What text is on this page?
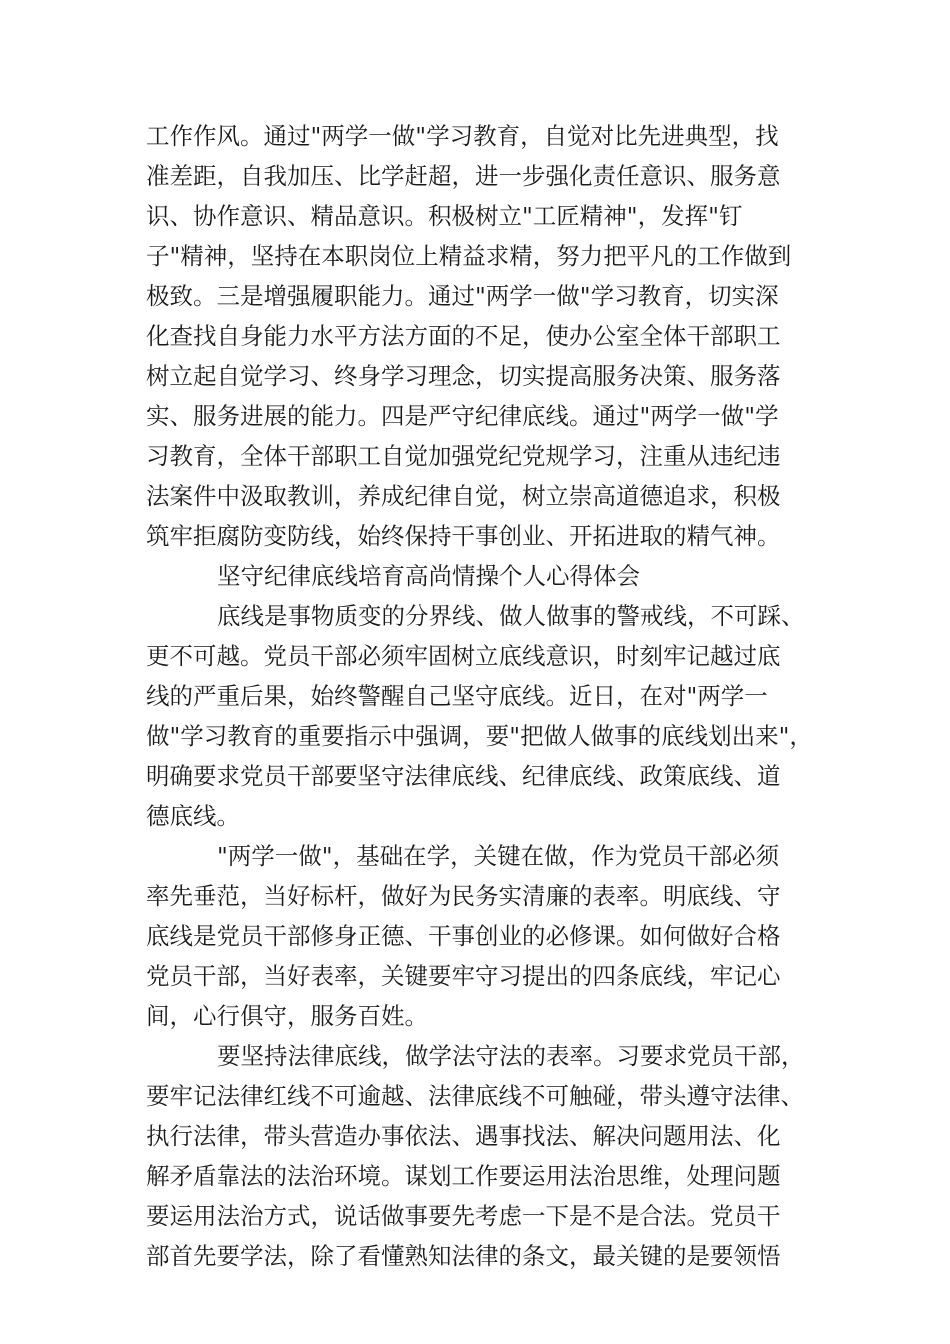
工作作风。通过"两学一做"学习教育，自觉对比先进典型，找
准差距，自我加压、比学赶超，进一步强化责任意识、服务意
识、协作意识、精品意识。积极树立"工匠精神"，发挥"钉
子"精神，坚持在本职岗位上精益求精，努力把平凡的工作做到
极致。三是增强履职能力。通过"两学一做"学习教育，切实深
化查找自身能力水平方法方面的不足，使办公室全体干部职工
树立起自觉学习、终身学习理念，切实提高服务决策、服务落
实、服务进展的能力。四是严守纪律底线。通过"两学一做"学
习教育，全体干部职工自觉加强党纪党规学习，注重从违纪违
法案件中汲取教训，养成纪律自觉，树立崇高道德追求，积极
筑牢拒腐防变防线，始终保持干事创业、开拓进取的精气神。
坚守纪律底线培育高尚情操个人心得体会
底线是事物质变的分界线、做人做事的警戒线，不可踩、
更不可越。党员干部必须牢固树立底线意识，时刻牢记越过底
线的严重后果，始终警醒自己坚守底线。近日，在对"两学一
做"学习教育的重要指示中强调，要"把做人做事的底线划出来"，
明确要求党员干部要坚守法律底线、纪律底线、政策底线、道
德底线。
"两学一做"，基础在学，关键在做，作为党员干部必须
率先垂范，当好标杆，做好为民务实清廉的表率。明底线、守
底线是党员干部修身正德、干事创业的必修课。如何做好合格
党员干部，当好表率，关键要牢守习提出的四条底线，牢记心
间，心行俱守，服务百姓。
要坚持法律底线，做学法守法的表率。习要求党员干部，
要牢记法律红线不可逾越、法律底线不可触碰，带头遵守法律、
执行法律，带头营造办事依法、遇事找法、解决问题用法、化
解矛盾靠法的法治环境。谋划工作要运用法治思维，处理问题
要运用法治方式，说话做事要先考虑一下是不是合法。党员干
部首先要学法，除了看懂熟知法律的条文，最关键的是要领悟
